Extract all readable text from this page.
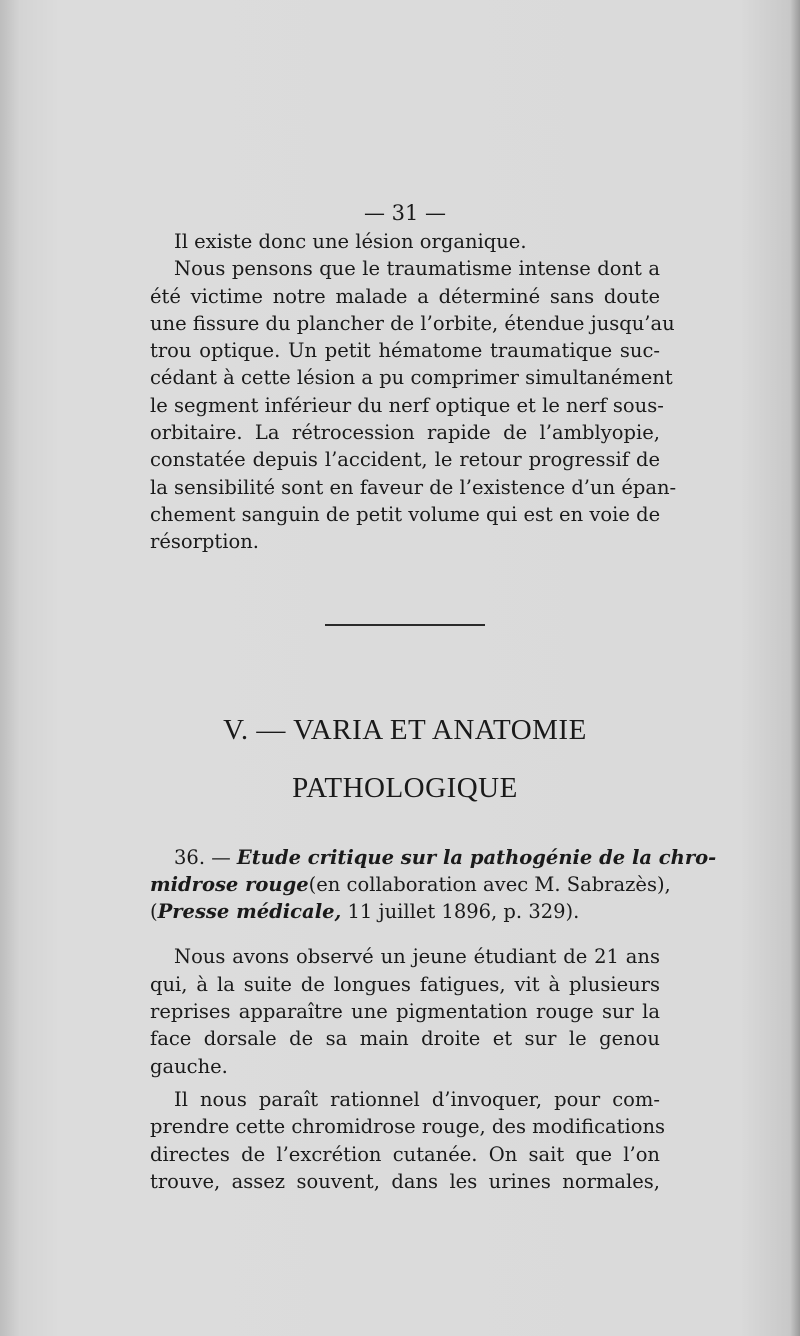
— 31 —

Il existe donc une lésion organique.

Nous pensons que le traumatisme intense dont a
été victime notre malade a déterminé sans doute
une fissure du plancher de l’orbite, étendue jusqu’au
trou optique. Un petit hématome traumatique suc-
cédant à cette lésion a pu comprimer simultanément
le segment inférieur du nerf optique et le nerf sous-
orbitaire. La rétrocession rapide de l’amblyopie,
constatée depuis l’accident, le retour progressif de
la sensibilité sont en faveur de l’existence d’un épan-
chement sanguin de petit volume qui est en voie de
résorption.

V. — VARIA ET ANATOMIE
PATHOLOGIQUE

36. — Etude critique sur la pathogénie de la chro-
midrose rouge(en collaboration avec M. Sabrazès),
(Presse médicale, 11 juillet 1896, p. 329).

Nous avons observé un jeune étudiant de 21 ans
qui, à la suite de longues fatigues, vit à plusieurs
reprises apparaître une pigmentation rouge sur la
face dorsale de sa main droite et sur le genou
gauche.

Il nous paraît rationnel d’invoquer, pour com-
prendre cette chromidrose rouge, des modifications
directes de l’excrétion cutanée. On sait que l’on
trouve, assez souvent, dans les urines normales,
